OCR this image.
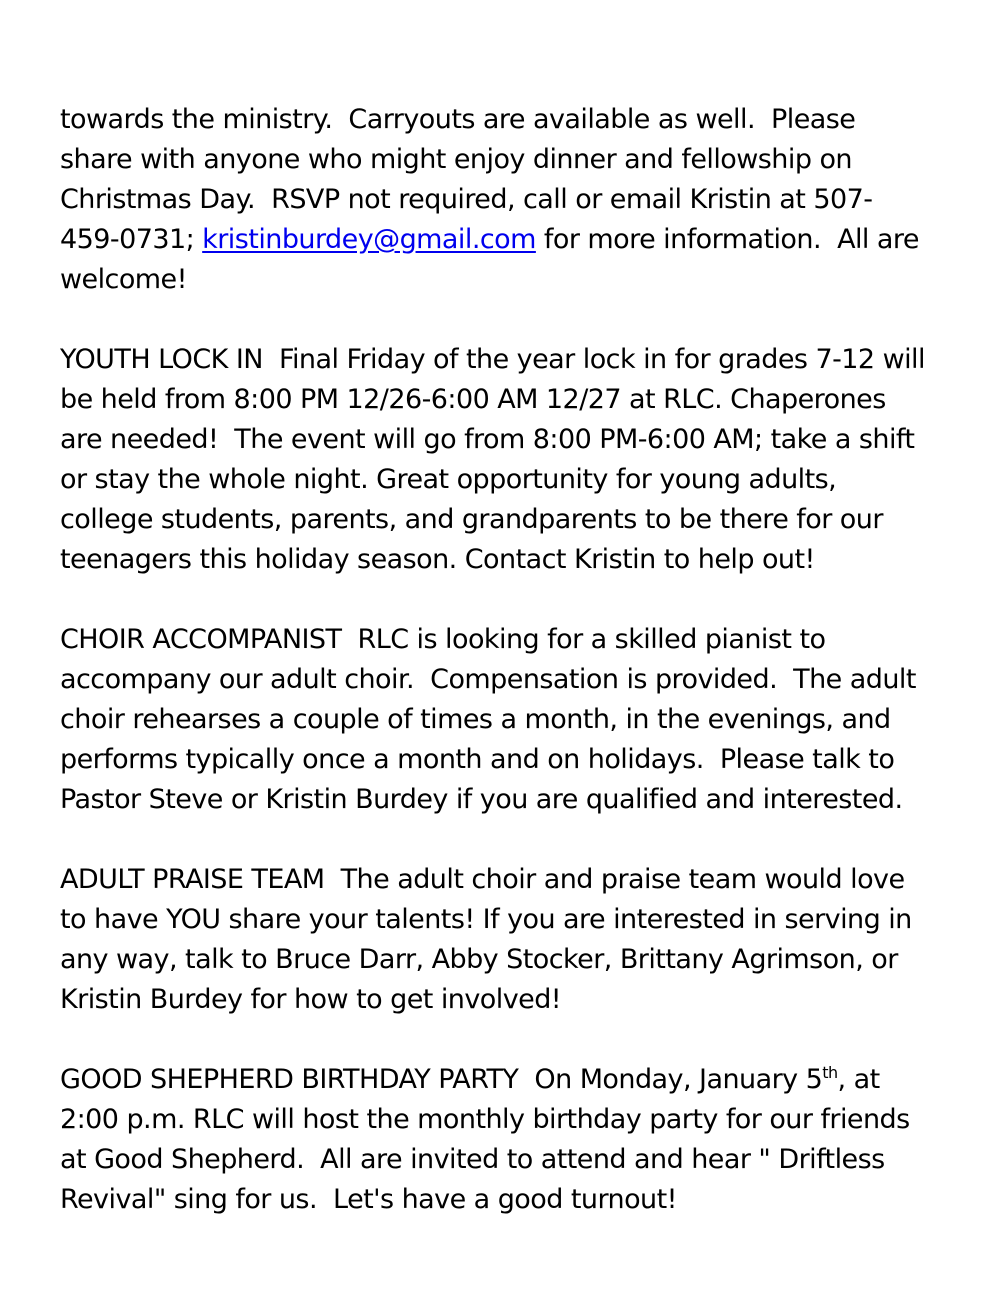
towards the ministry.  Carryouts are available as well.  Please
share with anyone who might enjoy dinner and fellowship on
Christmas Day.  RSVP not required, call or email Kristin at 507-
459-0731; kristinburdey@gmail.com for more information.  All are
welcome!
YOUTH LOCK IN  Final Friday of the year lock in for grades 7-12 will
be held from 8:00 PM 12/26-6:00 AM 12/27 at RLC. Chaperones
are needed!  The event will go from 8:00 PM-6:00 AM; take a shift
or stay the whole night. Great opportunity for young adults,
college students, parents, and grandparents to be there for our
teenagers this holiday season. Contact Kristin to help out!
CHOIR ACCOMPANIST  RLC is looking for a skilled pianist to
accompany our adult choir.  Compensation is provided.  The adult
choir rehearses a couple of times a month, in the evenings, and
performs typically once a month and on holidays.  Please talk to
Pastor Steve or Kristin Burdey if you are qualified and interested.
ADULT PRAISE TEAM  The adult choir and praise team would love
to have YOU share your talents! If you are interested in serving in
any way, talk to Bruce Darr, Abby Stocker, Brittany Agrimson, or
Kristin Burdey for how to get involved!
GOOD SHEPHERD BIRTHDAY PARTY  On Monday, January 5th, at
2:00 p.m. RLC will host the monthly birthday party for our friends
at Good Shepherd.  All are invited to attend and hear " Driftless
Revival" sing for us.  Let's have a good turnout!
